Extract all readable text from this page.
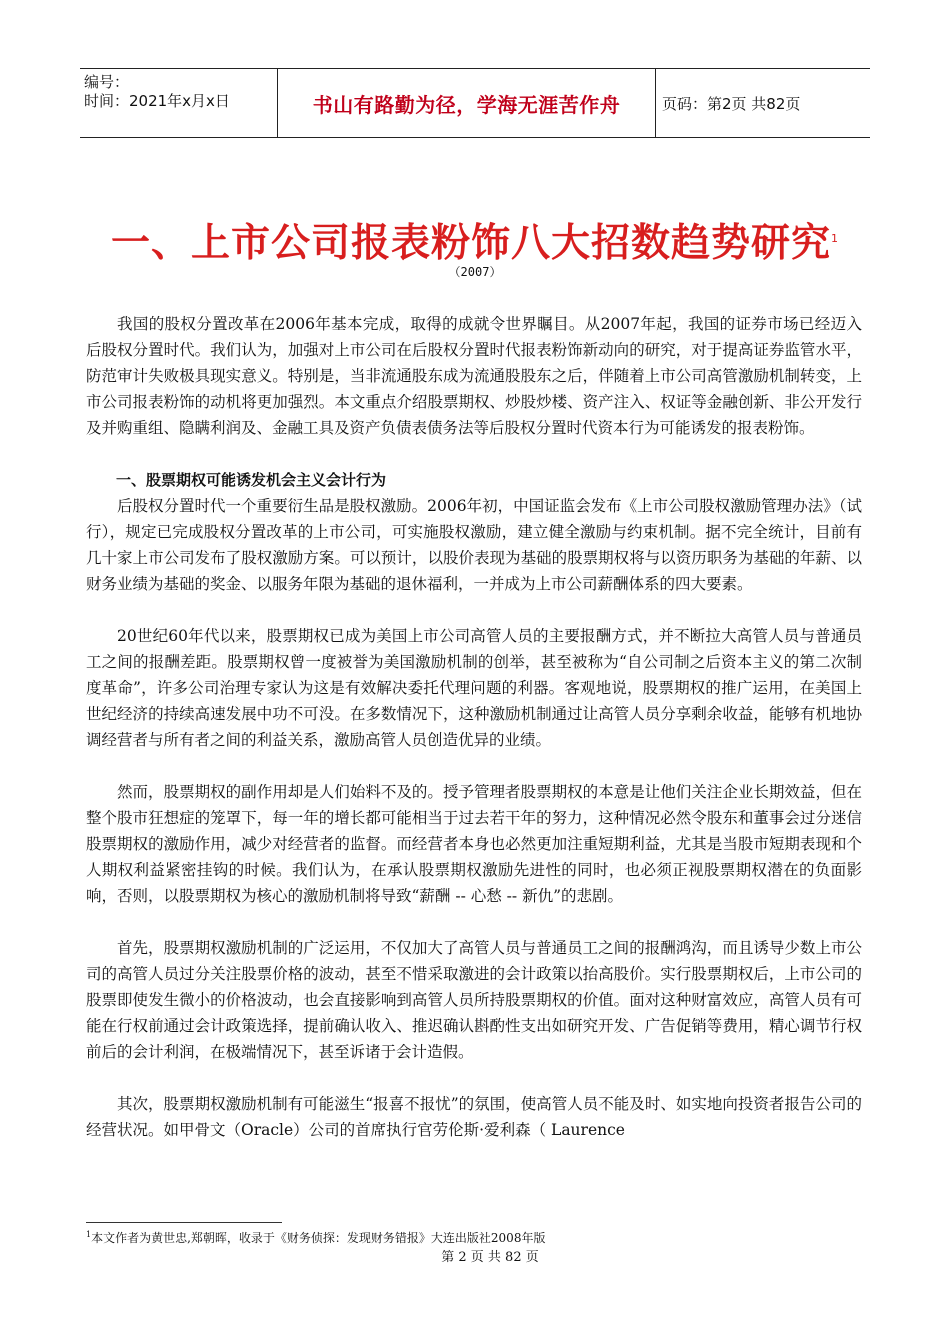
编号：
时间：2021年x月x日	书山有路勤为径，学海无涯苦作舟	页码：第2页 共82页
一、上市公司报表粉饰八大招数趋势研究$^1$
（2007）

我国的股权分置改革在2006年基本完成，取得的成就令世界瞩目。从2007年起，我国的证券市场已经迈入后股权分置时代。我们认为，加强对上市公司在后股权分置时代报表粉饰新动向的研究，对于提高证券监管水平，防范审计失败极具现实意义。特别是，当非流通股东成为流通股股东之后，伴随着上市公司高管激励机制转变，上市公司报表粉饰的动机将更加强烈。本文重点介绍股票期权、炒股炒楼、资产注入、权证等金融创新、非公开发行及并购重组、隐瞒利润及、金融工具及资产负债表债务法等后股权分置时代资本行为可能诱发的报表粉饰。

一、股票期权可能诱发机会主义会计行为

后股权分置时代一个重要衍生品是股权激励。2006年初，中国证监会发布《上市公司股权激励管理办法》（试行），规定已完成股权分置改革的上市公司，可实施股权激励，建立健全激励与约束机制。据不完全统计，目前有几十家上市公司发布了股权激励方案。可以预计，以股价表现为基础的股票期权将与以资历职务为基础的年薪、以财务业绩为基础的奖金、以服务年限为基础的退休福利，一并成为上市公司薪酬体系的四大要素。

20世纪60年代以来，股票期权已成为美国上市公司高管人员的主要报酬方式，并不断拉大高管人员与普通员工之间的报酬差距。股票期权曾一度被誉为美国激励机制的创举，甚至被称为“自公司制之后资本主义的第二次制度革命”，许多公司治理专家认为这是有效解决委托代理问题的利器。客观地说，股票期权的推广运用，在美国上世纪经济的持续高速发展中功不可没。在多数情况下，这种激励机制通过让高管人员分享剩余收益，能够有机地协调经营者与所有者之间的利益关系，激励高管人员创造优异的业绩。

然而，股票期权的副作用却是人们始料不及的。授予管理者股票期权的本意是让他们关注企业长期效益，但在整个股市狂想症的笼罩下，每一年的增长都可能相当于过去若干年的努力，这种情况必然令股东和董事会过分迷信股票期权的激励作用，减少对经营者的监督。而经营者本身也必然更加注重短期利益，尤其是当股市短期表现和个人期权利益紧密挂钩的时候。我们认为，在承认股票期权激励先进性的同时，也必须正视股票期权潜在的负面影响，否则，以股票期权为核心的激励机制将导致“薪酬 -- 心愁 -- 新仇”的悲剧。

首先，股票期权激励机制的广泛运用，不仅加大了高管人员与普通员工之间的报酬鸿沟，而且诱导少数上市公司的高管人员过分关注股票价格的波动，甚至不惜采取激进的会计政策以抬高股价。实行股票期权后，上市公司的股票即使发生微小的价格波动，也会直接影响到高管人员所持股票期权的价值。面对这种财富效应，高管人员有可能在行权前通过会计政策选择，提前确认收入、推迟确认斟酌性支出如研究开发、广告促销等费用，精心调节行权前后的会计利润，在极端情况下，甚至诉诸于会计造假。

其次，股票期权激励机制有可能滋生“报喜不报忧”的氛围，使高管人员不能及时、如实地向投资者报告公司的经营状况。如甲骨文（Oracle）公司的首席执行官劳伦斯·爱利森（ Laurence

$^1$本文作者为黄世忠,郑朝晖，收录于《财务侦探：发现财务错报》大连出版社2008年版
第 2 页 共 82 页
